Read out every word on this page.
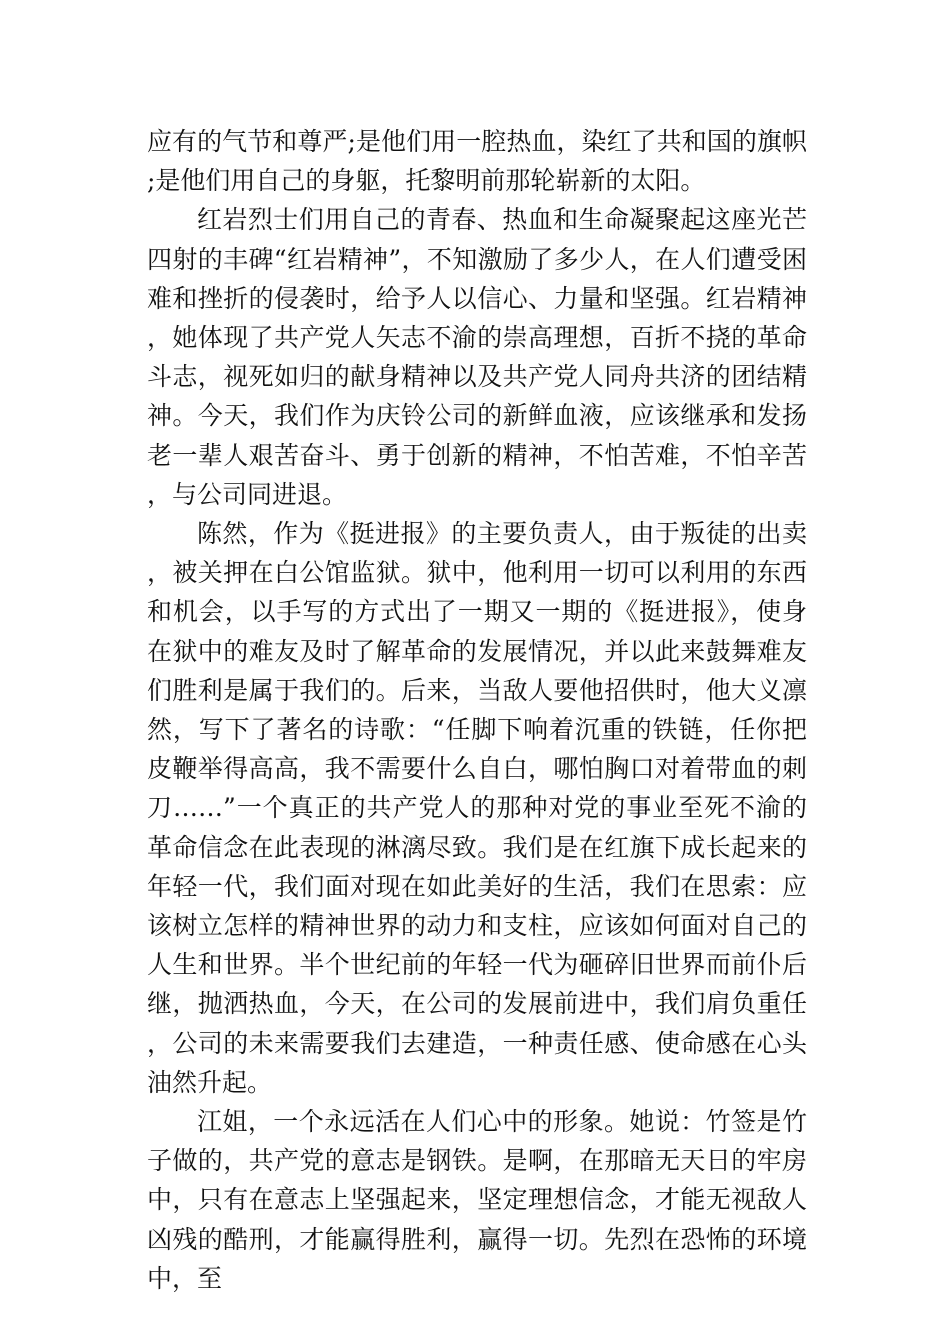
应有的气节和尊严;是他们用一腔热血，染红了共和国的旗帜;是他们用自己的身躯，托黎明前那轮崭新的太阳。

红岩烈士们用自己的青春、热血和生命凝聚起这座光芒四射的丰碑“红岩精神”，不知激励了多少人，在人们遭受困难和挫折的侵袭时，给予人以信心、力量和坚强。红岩精神，她体现了共产党人矢志不渝的崇高理想，百折不挠的革命斗志，视死如归的献身精神以及共产党人同舟共济的团结精神。今天，我们作为庆铃公司的新鲜血液，应该继承和发扬老一辈人艰苦奋斗、勇于创新的精神，不怕苦难，不怕辛苦，与公司同进退。

陈然，作为《挺进报》的主要负责人，由于叛徒的出卖，被关押在白公馆监狱。狱中，他利用一切可以利用的东西和机会，以手写的方式出了一期又一期的《挺进报》，使身在狱中的难友及时了解革命的发展情况，并以此来鼓舞难友们胜利是属于我们的。后来，当敌人要他招供时，他大义凛然，写下了著名的诗歌：“任脚下响着沉重的铁链，任你把皮鞭举得高高，我不需要什么自白，哪怕胸口对着带血的刺刀……”一个真正的共产党人的那种对党的事业至死不渝的革命信念在此表现的淋漓尽致。我们是在红旗下成长起来的年轻一代，我们面对现在如此美好的生活，我们在思索：应该树立怎样的精神世界的动力和支柱，应该如何面对自己的人生和世界。半个世纪前的年轻一代为砸碎旧世界而前仆后继，抛洒热血，今天，在公司的发展前进中，我们肩负重任，公司的未来需要我们去建造，一种责任感、使命感在心头油然升起。

江姐，一个永远活在人们心中的形象。她说：竹签是竹子做的，共产党的意志是钢铁。是啊，在那暗无天日的牢房中，只有在意志上坚强起来，坚定理想信念，才能无视敌人凶残的酷刑，才能赢得胜利，赢得一切。先烈在恐怖的环境中，至
